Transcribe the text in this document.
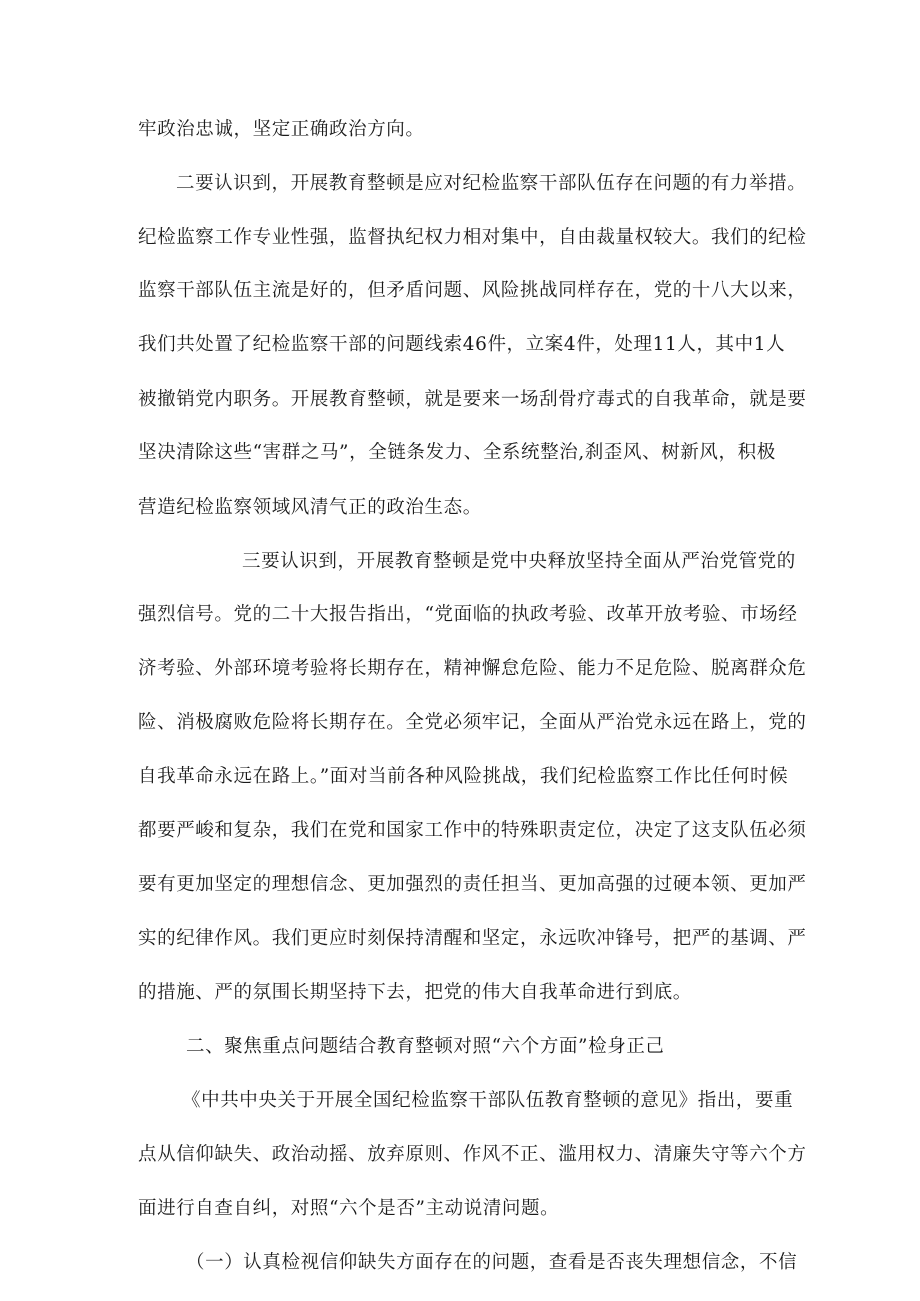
牢政治忠诚，坚定正确政治方向。
二要认识到，开展教育整顿是应对纪检监察干部队伍存在问题的有力举措。
纪检监察工作专业性强，监督执纪权力相对集中，自由裁量权较大。我们的纪检
监察干部队伍主流是好的，但矛盾问题、风险挑战同样存在，党的十八大以来，
我们共处置了纪检监察干部的问题线索46件，立案4件，处理11人，其中1人
被撤销党内职务。开展教育整顿，就是要来一场刮骨疗毒式的自我革命，就是要
坚决清除这些“害群之马”，全链条发力、全系统整治,刹歪风、树新风，积极
营造纪检监察领域风清气正的政治生态。
三要认识到，开展教育整顿是党中央释放坚持全面从严治党管党的
强烈信号。党的二十大报告指出，“党面临的执政考验、改革开放考验、市场经
济考验、外部环境考验将长期存在，精神懈怠危险、能力不足危险、脱离群众危
险、消极腐败危险将长期存在。全党必须牢记，全面从严治党永远在路上，党的
自我革命永远在路上。”面对当前各种风险挑战，我们纪检监察工作比任何时候
都要严峻和复杂，我们在党和国家工作中的特殊职责定位，决定了这支队伍必须
要有更加坚定的理想信念、更加强烈的责任担当、更加高强的过硬本领、更加严
实的纪律作风。我们更应时刻保持清醒和坚定，永远吹冲锋号，把严的基调、严
的措施、严的氛围长期坚持下去，把党的伟大自我革命进行到底。
二、聚焦重点问题结合教育整顿对照“六个方面”检身正己
《中共中央关于开展全国纪检监察干部队伍教育整顿的意见》指出，要重
点从信仰缺失、政治动摇、放弃原则、作风不正、滥用权力、清廉失守等六个方
面进行自查自纠，对照“六个是否”主动说清问题。
（一）认真检视信仰缺失方面存在的问题，查看是否丧失理想信念，不信
